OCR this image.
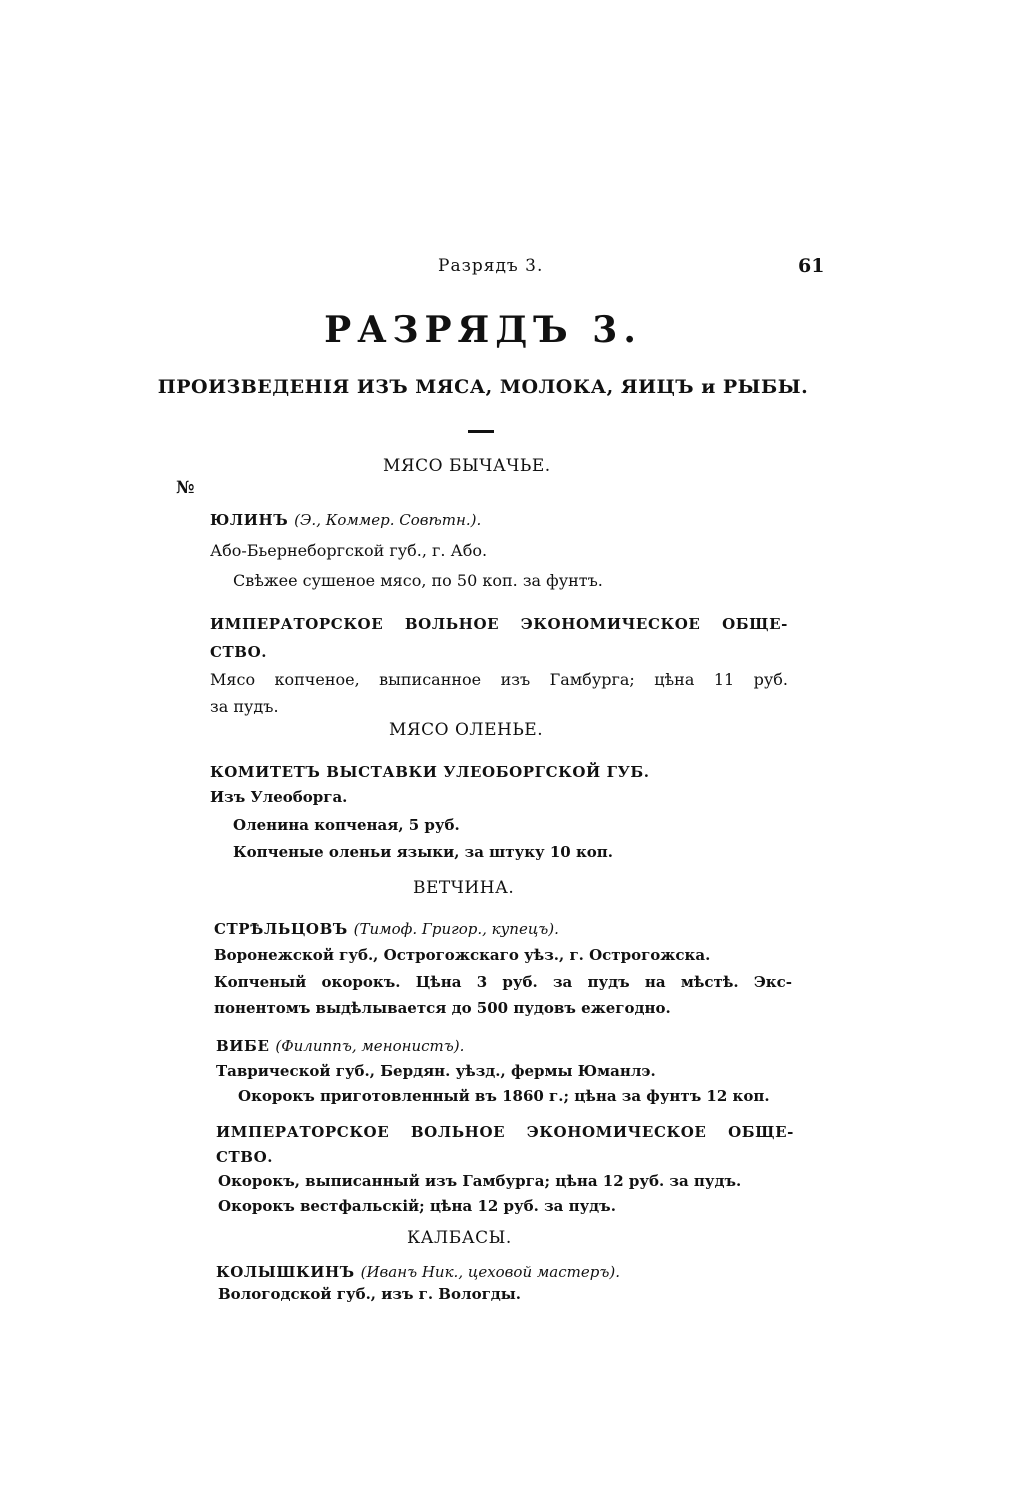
Разрядъ 3.	61
РАЗРЯДЪ 3.
ПРОИЗВЕДЕНІЯ ИЗЪ МЯСА, МОЛОКА, ЯИЦЪ и РЫБЫ.
№
МЯСО БЫЧАЧЬЕ.
ЮЛИНЪ (Э., Коммер. Совѣтн.).
Або-Бьернеборгской губ., г. Або.
Свѣжее сушеное мясо, по 50 коп. за фунтъ.
ИМПЕРАТОРСКОЕ ВОЛЬНОЕ ЭКОНОМИЧЕСКОЕ ОБЩЕ-
СТВО.
Мясо копченое, выписанное изъ Гамбурга; цѣна 11 руб.
за пудъ.
МЯСО ОЛЕНЬЕ.
КОМИТЕТЪ ВЫСТАВКИ УЛЕОБОРГСКОЙ ГУБ.
Изъ Улеоборга.
Оленина копченая, 5 руб.
Копченые оленьи языки, за штуку 10 коп.
ВЕТЧИНА.
СТРѢЛЬЦОВЪ (Тимоф. Григор., купецъ).
Воронежской губ., Острогожскаго уѣз., г. Острогожска.
Копченый окорокъ. Цѣна 3 руб. за пудъ на мѣстѣ. Экс-
понентомъ выдѣлывается до 500 пудовъ ежегодно.
ВИБЕ (Филиппъ, менонистъ).
Таврической губ., Бердян. уѣзд., фермы Юманлэ.
Окорокъ приготовленный въ 1860 г.; цѣна за фунтъ 12 коп.
ИМПЕРАТОРСКОЕ ВОЛЬНОЕ ЭКОНОМИЧЕСКОЕ ОБЩЕ-
СТВО.
Окорокъ, выписанный изъ Гамбурга; цѣна 12 руб. за пудъ.
Окорокъ вестфальскій; цѣна 12 руб. за пудъ.
КАЛБАСЫ.
КОЛЫШКИНЪ (Иванъ Ник., цеховой мастеръ).
Вологодской губ., изъ г. Вологды.
